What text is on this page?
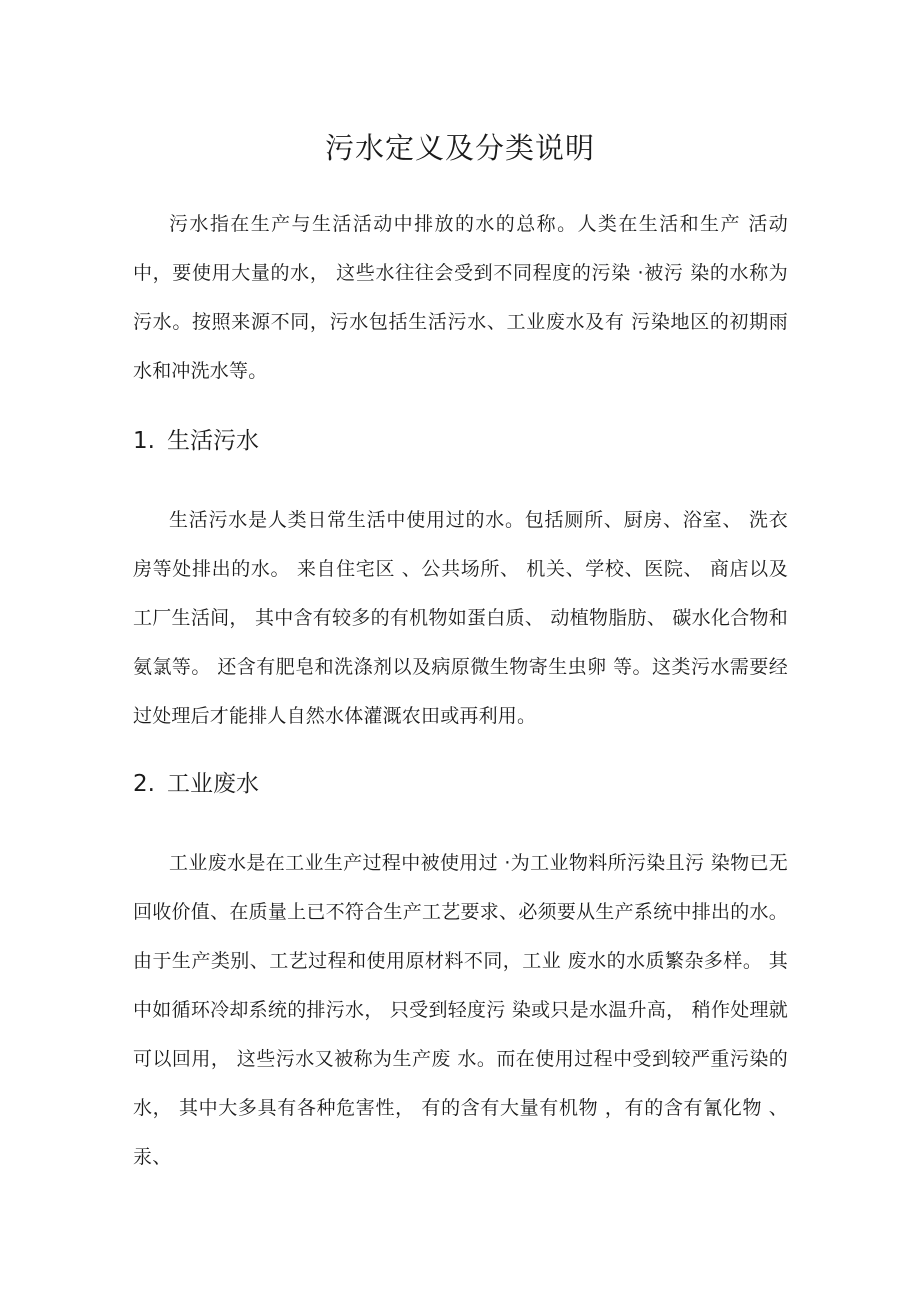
污水定义及分类说明

污水指在生产与生活活动中排放的水的总称。人类在生活和生产 活动中，要使用大量的水， 这些水往往会受到不同程度的污染 ·被污 染的水称为污水。按照来源不同，污水包括生活污水、工业废水及有 污染地区的初期雨水和冲洗水等。

1. 生活污水

生活污水是人类日常生活中使用过的水。包括厕所、厨房、浴室、 洗衣房等处排出的水。 来自住宅区 、公共场所、 机关、学校、医院、 商店以及工厂生活间， 其中含有较多的有机物如蛋白质、 动植物脂肪、 碳水化合物和氨氯等。 还含有肥皂和洗涤剂以及病原微生物寄生虫卵 等。这类污水需要经过处理后才能排人自然水体灌溉农田或再利用。

2. 工业废水

工业废水是在工业生产过程中被使用过 ·为工业物料所污染且污 染物已无回收价值、在质量上已不符合生产工艺要求、必须要从生产系统中排出的水。由于生产类别、工艺过程和使用原材料不同，工业 废水的水质繁杂多样。 其中如循环冷却系统的排污水， 只受到轻度污 染或只是水温升高， 稍作处理就可以回用， 这些污水又被称为生产废 水。而在使用过程中受到较严重污染的水， 其中大多具有各种危害性， 有的含有大量有机物 ，有的含有氰化物 、汞、
